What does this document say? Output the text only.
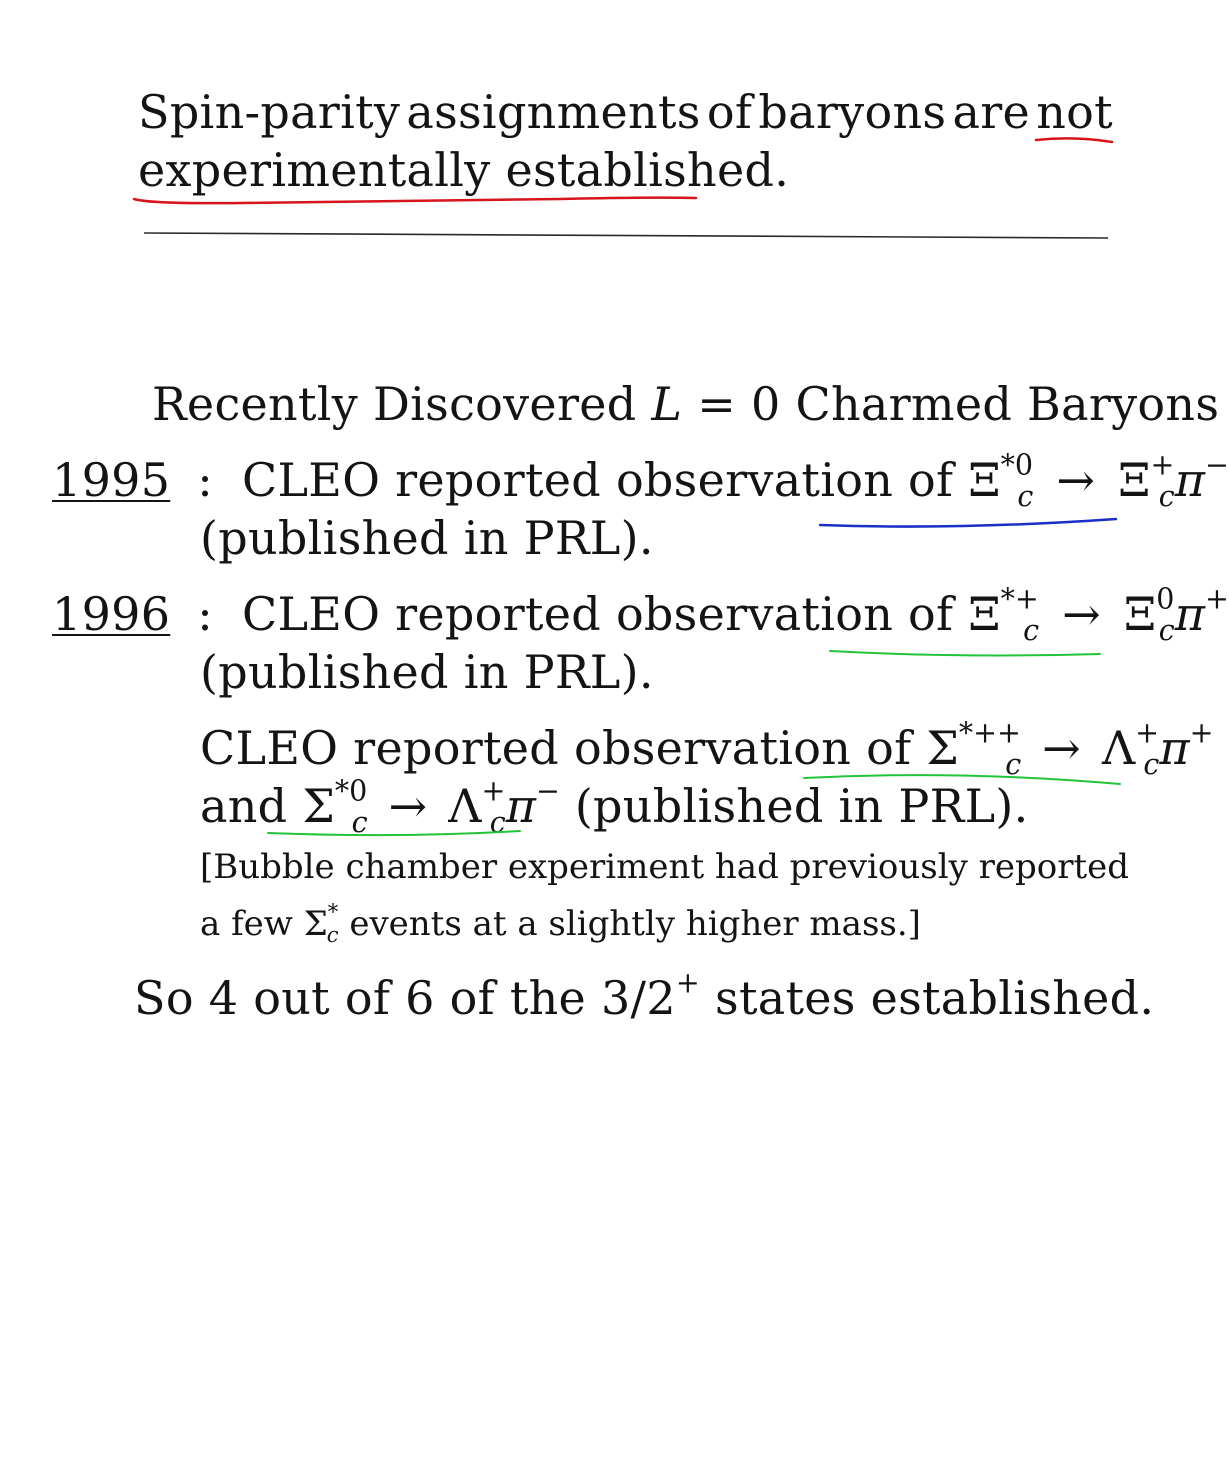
Spin-parity assignments of baryons are not
experimentally established.
Recently Discovered L = 0 Charmed Baryons
1995 : CLEO reported observation of $\Xi^{*0}_c \to \Xi^+_c\pi^-$
(published in PRL).
1996 : CLEO reported observation of $\Xi^{*+}_c \to \Xi^0_c\pi^+$
(published in PRL).
CLEO reported observation of $\Sigma^{*++}_c \to \Lambda^+_c\pi^+$
and $\Sigma^{*0}_c \to \Lambda^+_c\pi^-$ (published in PRL).
[Bubble chamber experiment had previously reported
a few $\Sigma^*_c$ events at a slightly higher mass.]
So 4 out of 6 of the 3/2+ states established.
